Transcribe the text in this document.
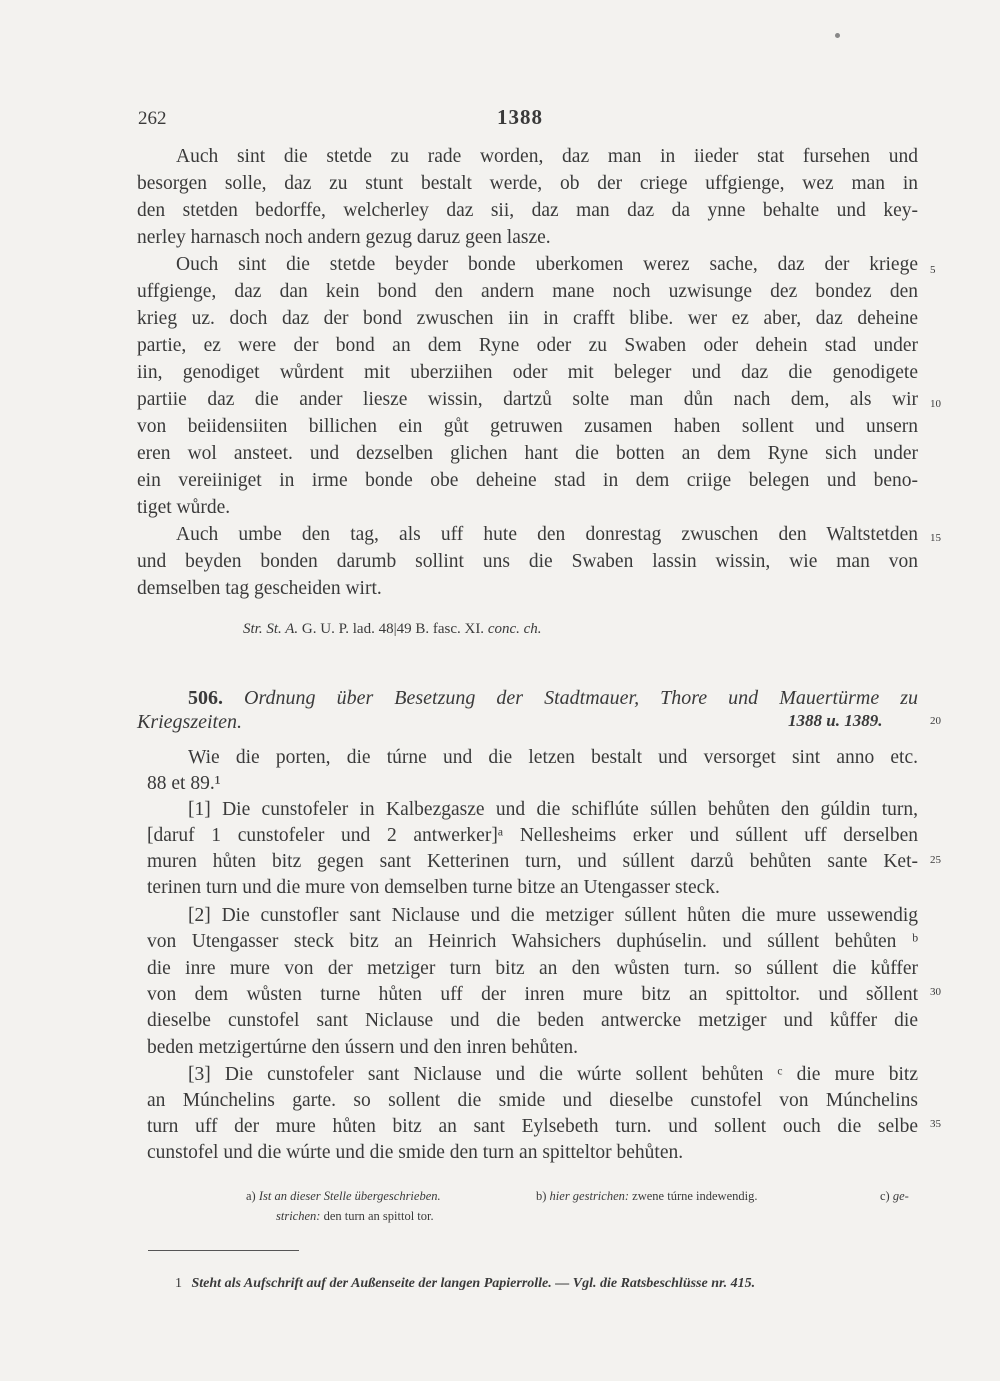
262	1388
Auch sint die stetde zu rade worden, daz man in iieder stat fursehen und
besorgen solle, daz zu stunt bestalt werde, ob der criege uffgienge, wez man in
den stetden bedorffe, welcherley daz sii, daz man daz da ynne behalte und key-
nerley harnasch noch andern gezug daruz geen lasze.
Ouch sint die stetde beyder bonde uberkomen werez sache, daz der kriege
uffgienge, daz dan kein bond den andern mane noch uzwisunge dez bondez den
krieg uz. doch daz der bond zwuschen iin in crafft blibe. wer ez aber, daz deheine
partie, ez were der bond an dem Ryne oder zu Swaben oder dehein stad under
iin, genodiget wůrdent mit uberziihen oder mit beleger und daz die genodigete
partiie daz die ander liesze wissin, dartzů solte man důn nach dem, als wir
von beiidensiiten billichen ein gůt getruwen zusamen haben sollent und unsern
eren wol ansteet. und dezselben glichen hant die botten an dem Ryne sich under
ein vereiiniget in irme bonde obe deheine stad in dem criige belegen und beno-
tiget wůrde.
Auch umbe den tag, als uff hute den donrestag zwuschen den Waltstetden
und beyden bonden darumb sollint uns die Swaben lassin wissin, wie man von
demselben tag gescheiden wirt.
Str. St. A. G. U. P. lad. 48|49 B. fasc. XI. conc. ch.
506. Ordnung über Besetzung der Stadtmauer, Thore und Mauertürme zu
Kriegszeiten.	1388 u. 1389.
Wie die porten, die túrne und die letzen bestalt und versorget sint anno etc.
88 et 89.¹
[1] Die cunstofeler in Kalbezgasze und die schiflúte súllen behůten den gúldin turn,
[daruf 1 cunstofeler und 2 antwerker]ᵃ Nellesheims erker und súllent uff derselben
muren hůten bitz gegen sant Ketterinen turn, und súllent darzů behůten sante Ket-
terinen turn und die mure von demselben turne bitze an Utengasser steck.
[2] Die cunstofler sant Niclause und die metziger súllent hůten die mure ussewendig
von Utengasser steck bitz an Heinrich Wahsichers duphúselin. und súllent behůten ᵇ
die inre mure von der metziger turn bitz an den wůsten turn. so súllent die kůffer
von dem wůsten turne hůten uff der inren mure bitz an spittoltor. und sǒllent
dieselbe cunstofel sant Niclause und die beden antwercke metziger und kůffer die
beden metzigertúrne den ússern und den inren behůten.
[3] Die cunstofeler sant Niclause und die wúrte sollent behůten ᶜ die mure bitz
an Múnchelins garte. so sollent die smide und dieselbe cunstofel von Múnchelins
turn uff der mure hůten bitz an sant Eylsebeth turn. und sollent ouch die selbe
cunstofel und die wúrte und die smide den turn an spitteltor behůten.
5
10
15
20
25
30
35
a) Ist an dieser Stelle übergeschrieben.	b) hier gestrichen: zwene túrne indewendig.	c) ge-
strichen: den turn an spittol tor.
1 Steht als Aufschrift auf der Außenseite der langen Papierrolle. — Vgl. die Ratsbeschlüsse nr. 415.
